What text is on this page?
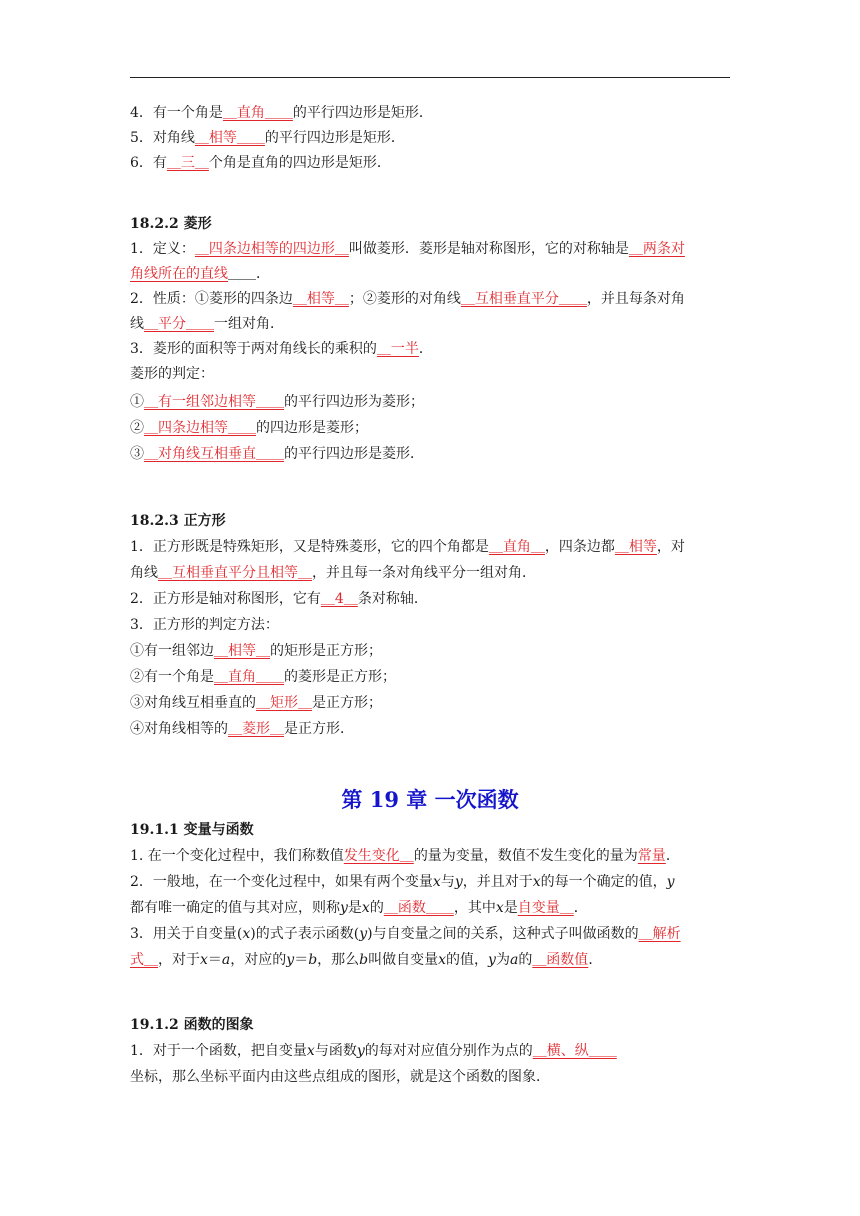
4．有一个角是＿直角＿＿的平行四边形是矩形．
5．对角线＿相等＿＿的平行四边形是矩形．
6．有＿三＿个角是直角的四边形是矩形．
18.2.2 菱形
1．定义：＿四条边相等的四边形＿叫做菱形．菱形是轴对称图形，它的对称轴是＿两条对
角线所在的直线＿＿．
2．性质：①菱形的四条边＿相等＿；②菱形的对角线＿互相垂直平分＿＿，并且每条对角
线＿平分＿＿一组对角．
3．菱形的面积等于两对角线长的乘积的＿一半．
菱形的判定：
①＿有一组邻边相等＿＿的平行四边形为菱形；
②＿四条边相等＿＿的四边形是菱形；
③＿对角线互相垂直＿＿的平行四边形是菱形．
18.2.3 正方形
1．正方形既是特殊矩形，又是特殊菱形，它的四个角都是＿直角＿，四条边都＿相等，对
角线＿互相垂直平分且相等＿，并且每一条对角线平分一组对角．
2．正方形是轴对称图形，它有＿4＿条对称轴．
3．正方形的判定方法：
①有一组邻边＿相等＿的矩形是正方形；
②有一个角是＿直角＿＿的菱形是正方形；
③对角线互相垂直的＿矩形＿是正方形；
④对角线相等的＿菱形＿是正方形．
第 19 章 一次函数
19.1.1 变量与函数
1. 在一个变化过程中，我们称数值发生变化＿的量为变量，数值不发生变化的量为常量．
2．一般地，在一个变化过程中，如果有两个变量x与y，并且对于x的每一个确定的值，y
都有唯一确定的值与其对应，则称y是x的＿函数＿＿，其中x是自变量＿．
3．用关于自变量(x)的式子表示函数(y)与自变量之间的关系，这种式子叫做函数的＿解析
式＿，对于x＝a，对应的y＝b，那么b叫做自变量x的值，y为a的＿函数值．
19.1.2 函数的图象
1．对于一个函数，把自变量x与函数y的每对对应值分别作为点的＿横、纵＿＿
坐标，那么坐标平面内由这些点组成的图形，就是这个函数的图象．
